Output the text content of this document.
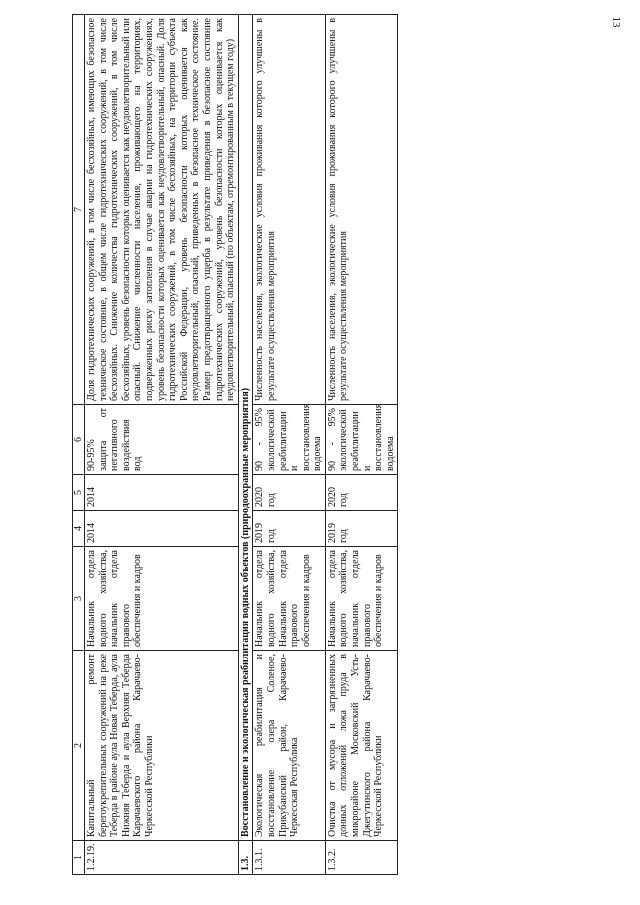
13
1	2	3	4	5	6	7
1.2.19.	Капитальный ремонт берегоукрепительных сооружений на реке Теберда в районе аула Новая Теберда, аула Нижняя Теберда и аула Верхняя Теберда Карачаевского района Карачаево-Черкесской Республики	Начальник отдела водного хозяйства, начальник отдела правового обеспечения и кадров	2014	2014	90-95% защита от негативного воздействия вод	Доля гидротехнических сооружений, в том числе бесхозяйных, имеющих безопасное техническое состояние, в общем числе гидротехнических сооружений, в том числе бесхозяйных. Снижение количества гидротехнических сооружений, в том числе бесхозяйных, уровень безопасности которых оценивается как неудовлетворительный или опасный. Снижение численности населения, проживающего на территориях, подверженных риску затопления в случае аварии на гидротехнических сооружениях, уровень безопасности которых оценивается как неудовлетворительный, опасный. Доля гидротехнических сооружений, в том числе бесхозяйных, на территории субъекта Российской Федерации, уровень безопасности которых оценивается как неудовлетворительный, опасный, приведенных в безопасное техническое состояние. Размер предотвращенного ущерба в результате приведения в безопасное состояние гидротехнических сооружений, уровень безопасности которых оценивается как неудовлетворительный, опасный (по объектам, отремонтированным в текущем году)
1.3.	Восстановление и экологическая реабилитация водных объектов (природоохранные мероприятия)					
1.3.1.	Экологическая реабилитация и восстановление озера Соленое, Прикубанский район, Карачаево-Черкесская Республика	Начальник отдела водного хозяйства, Начальник отдела правового обеспечения и кадров	2019 год	2020 год	90 - 95% экологической реабилитации и восстановления водоема	Численность населения, экологические условия проживания которого улучшены в результате осуществления мероприятия
1.3.2.	Очистка от мусора и загрязненных донных отложений ложа пруда в микрорайоне Московский Усть-Джегутинского района Карачаево-Черкесской Республики	Начальник отдела водного хозяйства, начальник отдела правового обеспечения и кадров	2019 год	2020 год	90 - 95% экологической реабилитации и восстановления водоема	Численность населения, экологические условия проживания которого улучшены в результате осуществления мероприятия
